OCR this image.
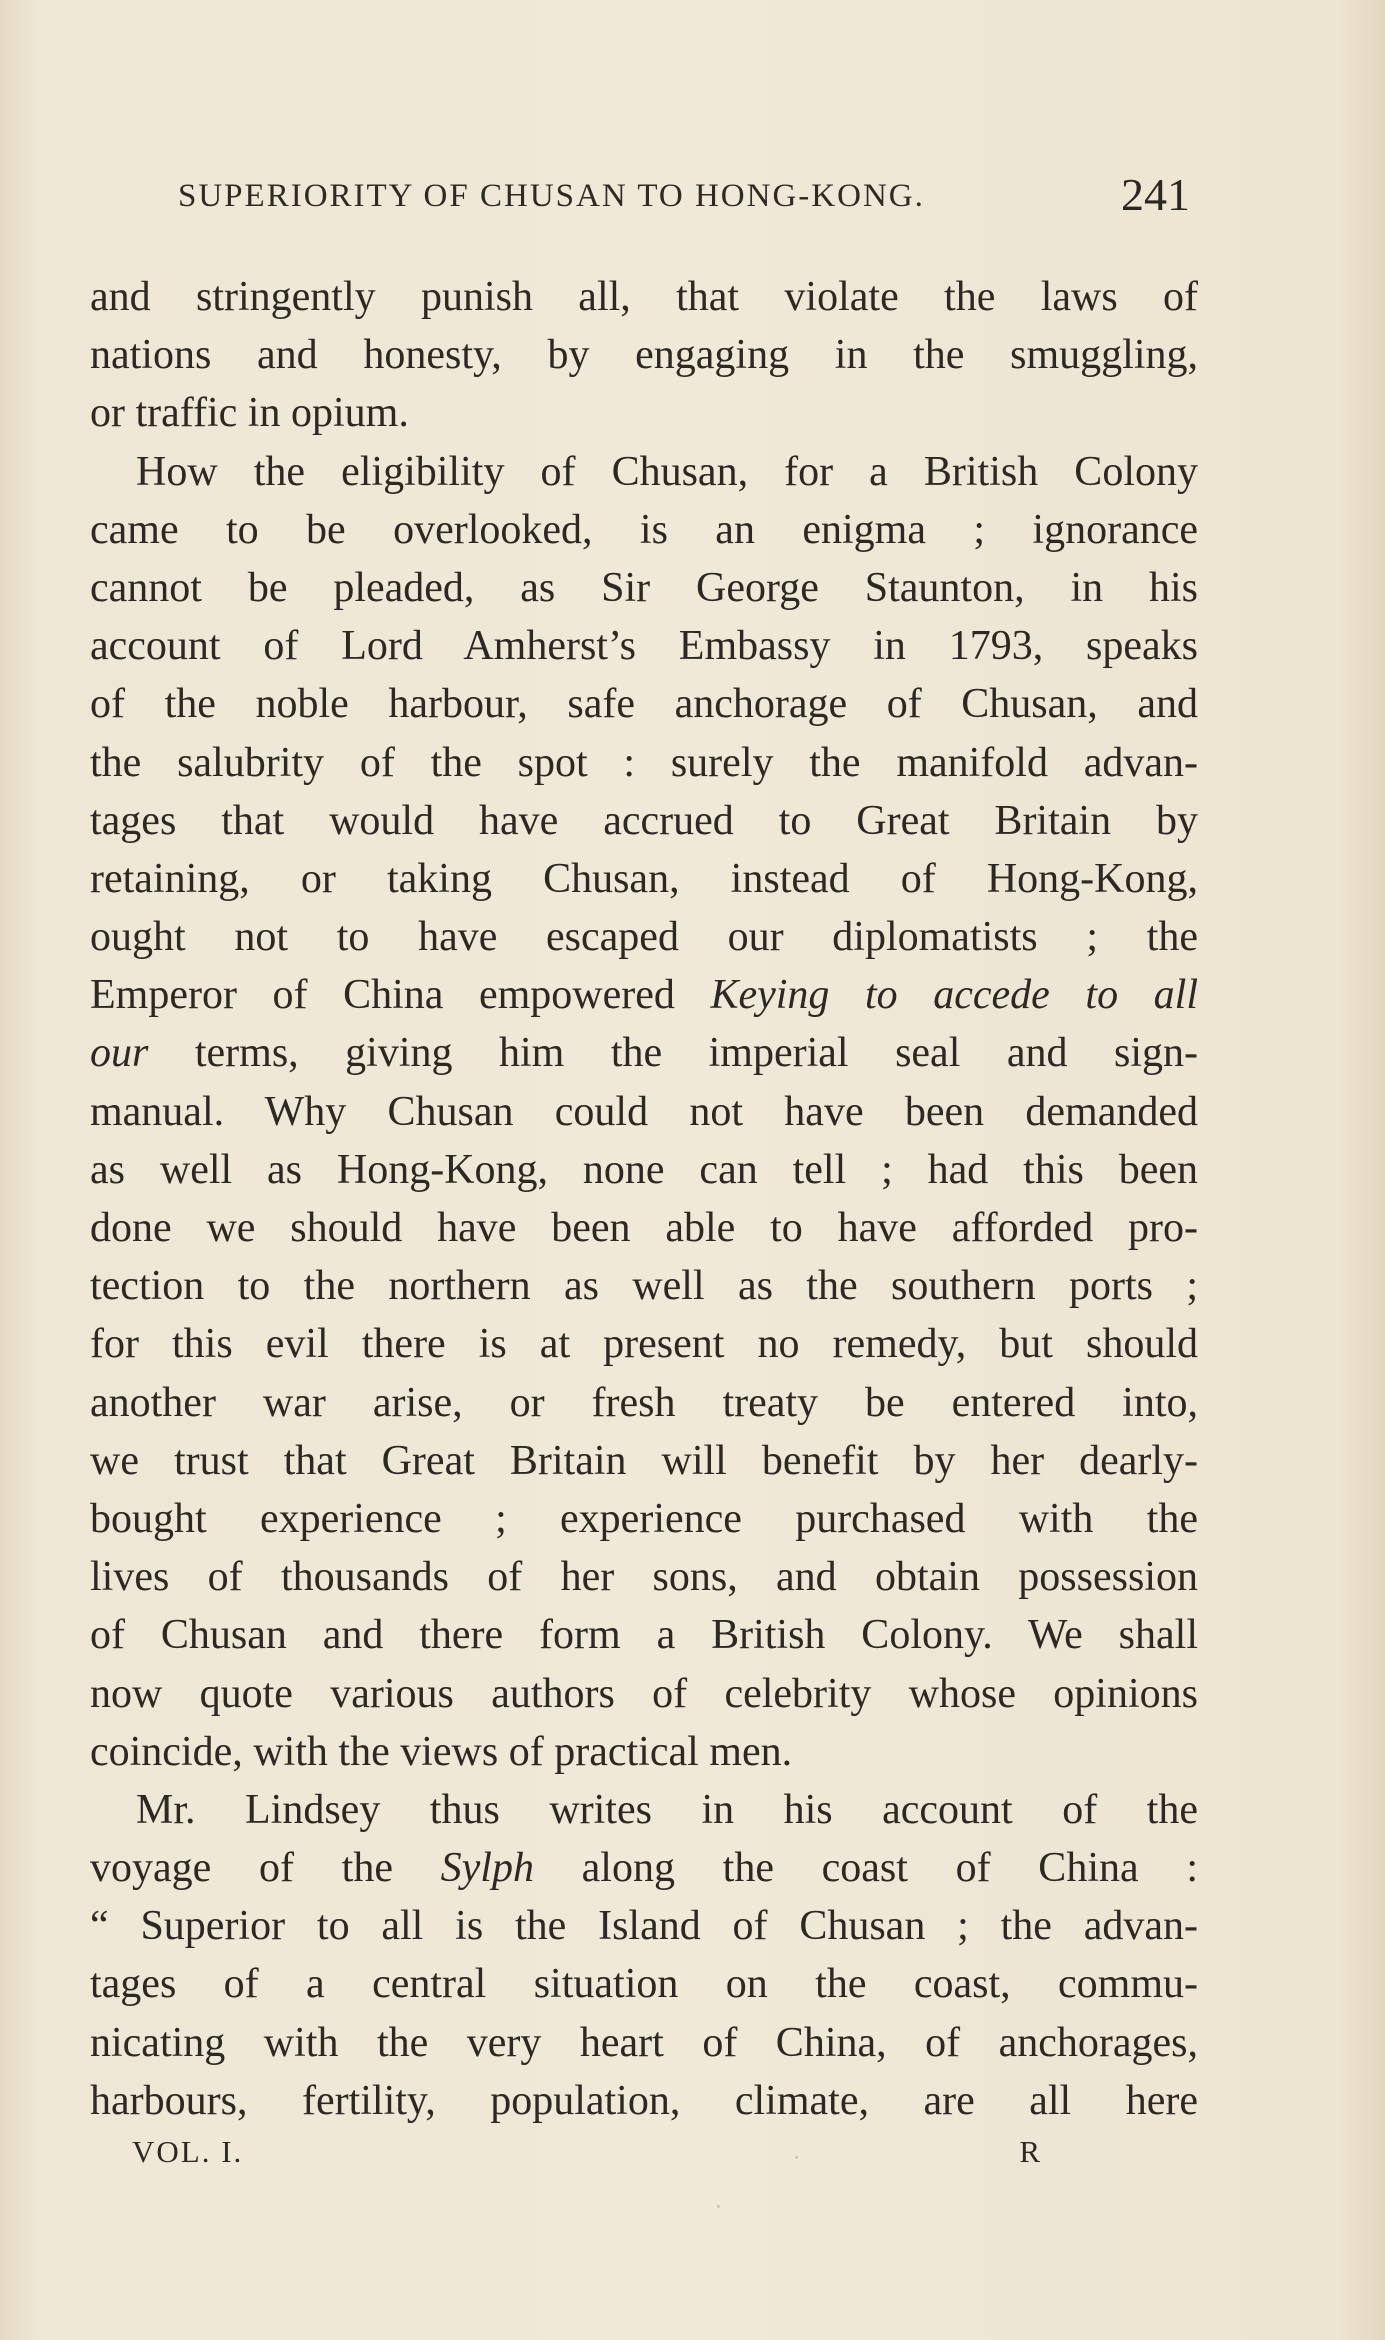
SUPERIORITY OF CHUSAN TO HONG-KONG.	241
and stringently punish all, that violate the laws of
nations and honesty, by engaging in the smuggling,
or traffic in opium.
How the eligibility of Chusan, for a British Colony
came to be overlooked, is an enigma ; ignorance
cannot be pleaded, as Sir George Staunton, in his
account of Lord Amherst’s Embassy in 1793, speaks
of the noble harbour, safe anchorage of Chusan, and
the salubrity of the spot : surely the manifold advan-
tages that would have accrued to Great Britain by
retaining, or taking Chusan, instead of Hong-Kong,
ought not to have escaped our diplomatists ; the
Emperor of China empowered Keying to accede to all
our terms, giving him the imperial seal and sign-
manual. Why Chusan could not have been demanded
as well as Hong-Kong, none can tell ; had this been
done we should have been able to have afforded pro-
tection to the northern as well as the southern ports ;
for this evil there is at present no remedy, but should
another war arise, or fresh treaty be entered into,
we trust that Great Britain will benefit by her dearly-
bought experience ; experience purchased with the
lives of thousands of her sons, and obtain possession
of Chusan and there form a British Colony. We shall
now quote various authors of celebrity whose opinions
coincide, with the views of practical men.
Mr. Lindsey thus writes in his account of the
voyage of the Sylph along the coast of China :
“ Superior to all is the Island of Chusan ; the advan-
tages of a central situation on the coast, commu-
nicating with the very heart of China, of anchorages,
harbours, fertility, population, climate, are all here
VOL. I.	R
